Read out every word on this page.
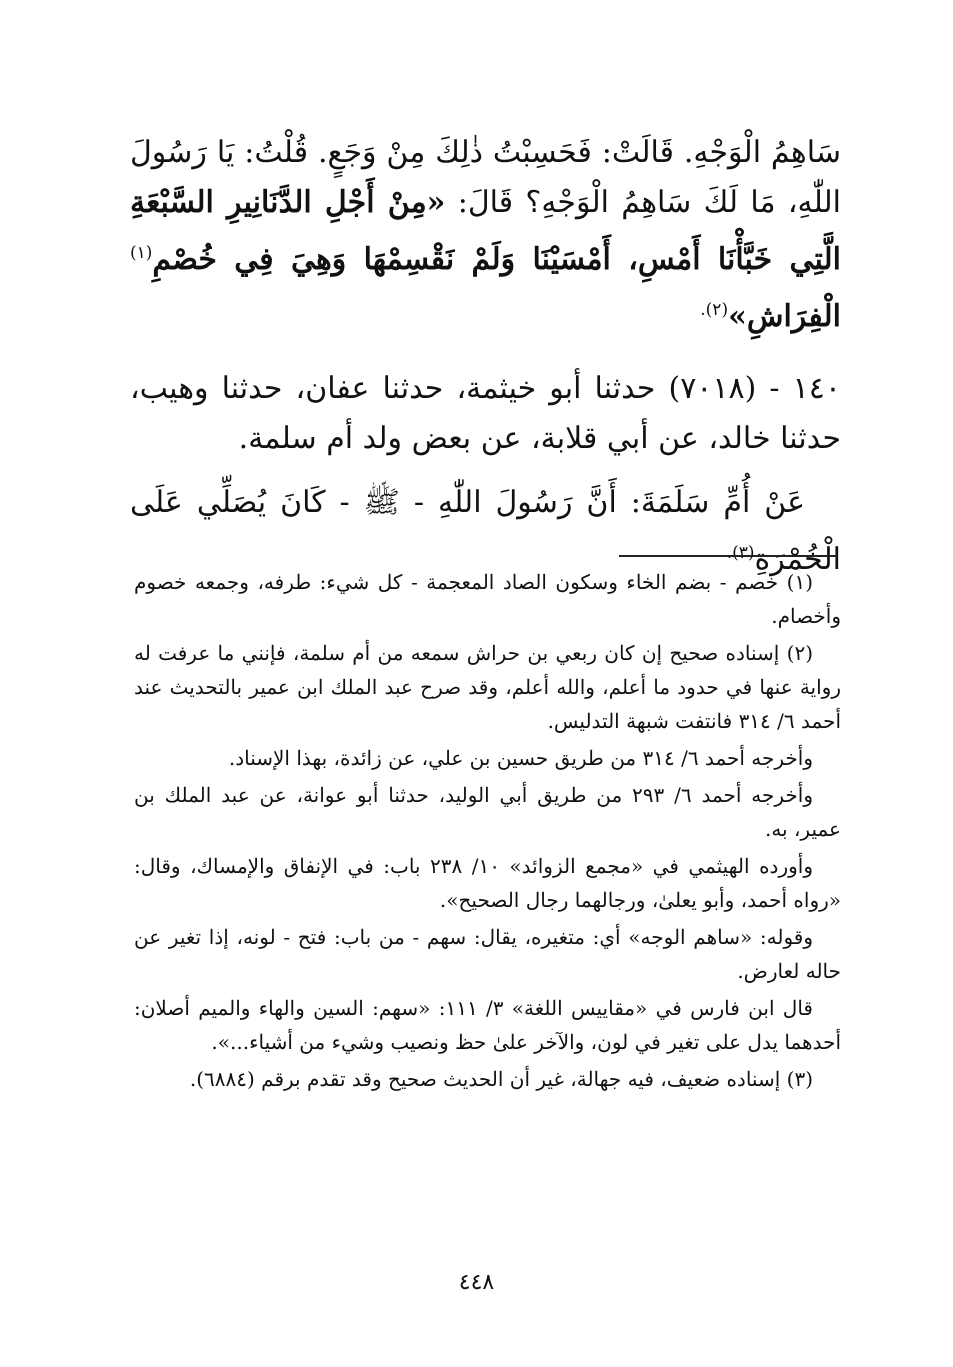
سَاهِمُ الْوَجْهِ. قَالَتْ: فَحَسِبْتُ ذٰلِكَ مِنْ وَجَعٍ. قُلْتُ: يَا رَسُولَ اللّٰهِ، مَا لَكَ سَاهِمُ الْوَجْهِ؟ قَالَ: «مِنْ أَجْلِ الدَّنَانِيرِ السَّبْعَةِ الَّتِي خَبَّأْنَا أَمْسِ، أَمْسَيْنَا وَلَمْ نَقْسِمْهَا وَهِيَ فِي خُصْمِ$^{(١)}$ الْفِرَاشِ»$^{(٢).}$

١٤٠ - (٧٠١٨) حدثنا أبو خيثمة، حدثنا عفان، حدثنا وهيب، حدثنا خالد، عن أبي قلابة، عن بعض ولد أم سلمة.

عَنْ أُمِّ سَلَمَةَ: أَنَّ رَسُولَ اللّٰهِ - ﷺ - كَانَ يُصَلِّي عَلَى الْخُمْرَةِ$^{(٣).}$

(١) خصم - بضم الخاء وسكون الصاد المعجمة - كل شيء: طرفه، وجمعه خصوم وأخصام.

(٢) إسناده صحيح إن كان ربعي بن حراش سمعه من أم سلمة، فإنني ما عرفت له رواية عنها في حدود ما أعلم، والله أعلم، وقد صرح عبد الملك ابن عمير بالتحديث عند أحمد ٦/ ٣١٤ فانتفت شبهة التدليس.

وأخرجه أحمد ٦/ ٣١٤ من طريق حسين بن علي، عن زائدة، بهذا الإسناد.

وأخرجه أحمد ٦/ ٢٩٣ من طريق أبي الوليد، حدثنا أبو عوانة، عن عبد الملك بن عمير، به.

وأورده الهيثمي في «مجمع الزوائد» ١٠/ ٢٣٨ باب: في الإنفاق والإمساك، وقال: «رواه أحمد، وأبو يعلىٰ، ورجالهما رجال الصحيح».

وقوله: «ساهم الوجه» أي: متغيره، يقال: سهم - من باب: فتح - لونه، إذا تغير عن حاله لعارض.

قال ابن فارس في «مقاييس اللغة» ٣/ ١١١: «سهم: السين والهاء والميم أصلان: أحدهما يدل على تغير في لون، والآخر علىٰ حظ ونصيب وشيء من أشياء...».

(٣) إسناده ضعيف، فيه جهالة، غير أن الحديث صحيح وقد تقدم برقم (٦٨٨٤).

٤٤٨
